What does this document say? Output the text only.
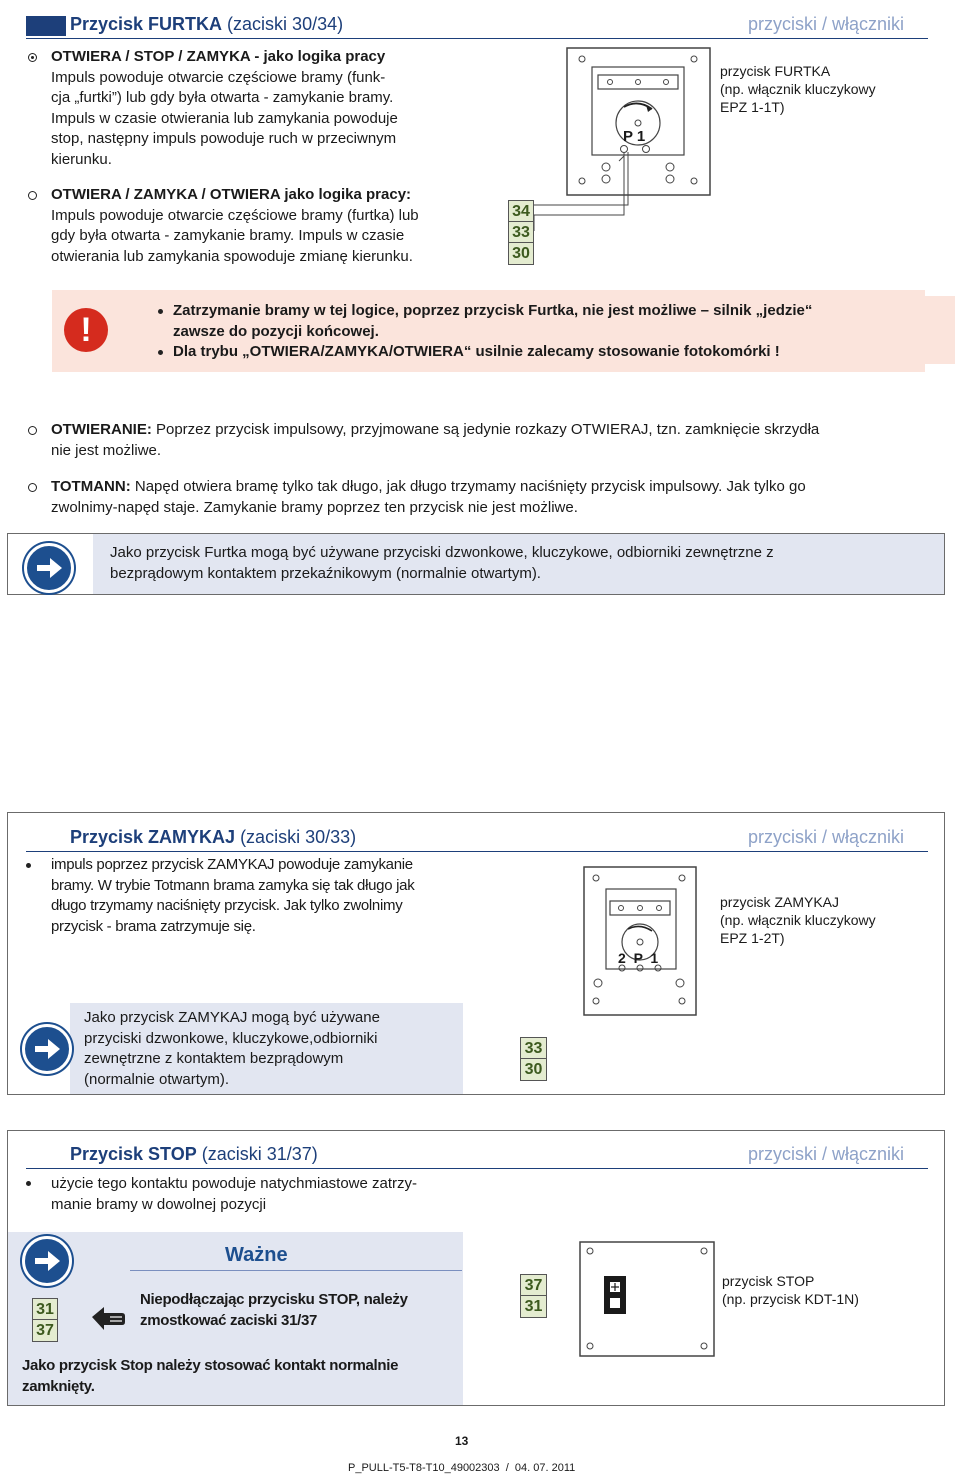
Przycisk FURTKA (zaciski 30/34)	przyciski / włączniki
OTWIERA / STOP / ZAMYKA - jako logika pracy
Impuls powoduje otwarcie częściowe bramy (funk-
cja „furtki”) lub gdy była otwarta - zamykanie bramy.
Impuls w czasie otwierania lub zamykania powoduje
stop, następny impuls powoduje ruch w przeciwnym
kierunku.
OTWIERA / ZAMYKA / OTWIERA jako logika pracy:
Impuls powoduje otwarcie częściowe bramy (furtka) lub
gdy była otwarta - zamykanie bramy. Impuls w czasie
otwierania lub zamykania spowoduje zmianę kierunku.
34
33
30
P 1
przycisk FURTKA
(np. włącznik kluczykowy
EPZ 1-1T)
!
Zatrzymanie bramy w tej logice, poprzez przycisk Furtka, nie jest możliwe – silnik „jedzie“
zawsze do pozycji końcowej.
Dla trybu „OTWIERA/ZAMYKA/OTWIERA“ usilnie zalecamy stosowanie fotokomórki !
OTWIERANIE: Poprzez przycisk impulsowy, przyjmowane są jedynie rozkazy OTWIERAJ, tzn. zamknięcie skrzydła
nie jest możliwe.
TOTMANN: Napęd otwiera bramę tylko tak długo, jak długo trzymamy naciśnięty przycisk impulsowy. Jak tylko go
zwolnimy-napęd staje. Zamykanie bramy poprzez ten przycisk nie jest możliwe.
Jako przycisk Furtka mogą być używane przyciski dzwonkowe, kluczykowe, odbiorniki zewnętrzne z
bezprądowym kontaktem przekaźnikowym (normalnie otwartym).
Przycisk ZAMYKAJ (zaciski 30/33)	przyciski / włączniki
impuls poprzez przycisk ZAMYKAJ powoduje zamykanie
bramy. W trybie Totmann brama zamyka się tak długo jak
długo trzymamy naciśnięty przycisk. Jak tylko zwolnimy
przycisk - brama zatrzymuje się.
2  P  1
przycisk ZAMYKAJ
(np. włącznik kluczykowy
EPZ 1-2T)
Jako przycisk ZAMYKAJ mogą być używane
przyciski dzwonkowe, kluczykowe,odbiorniki
zewnętrzne z kontaktem bezprądowym
(normalnie otwartym).
33
30
Przycisk STOP (zaciski 31/37)	przyciski / włączniki
użycie tego kontaktu powoduje natychmiastowe zatrzy-
manie bramy w dowolnej pozycji
Ważne
31
37
Niepodłączając przycisku STOP, należy
zmostkować zaciski 31/37
Jako przycisk Stop należy stosować kontakt normalnie
zamknięty.
37
31
przycisk STOP
(np. przycisk KDT-1N)
13
P_PULL-T5-T8-T10_49002303  /  04. 07. 2011
